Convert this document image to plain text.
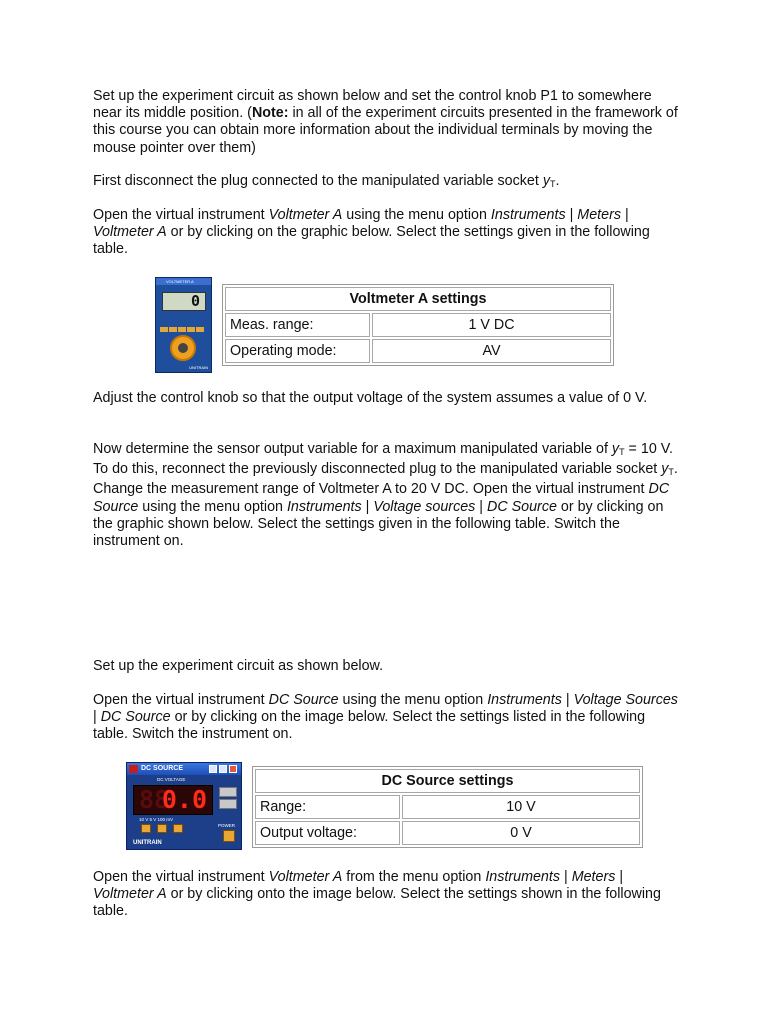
Set up the experiment circuit as shown below and set the control knob P1 to somewhere near its middle position. (Note: in all of the experiment circuits presented in the framework of this course you can obtain more information about the individual terminals by moving the mouse pointer over them)

First disconnect the plug connected to the manipulated variable socket $y_T$.

Open the virtual instrument Voltmeter A using the menu option Instruments | Meters | Voltmeter A or by clicking on the graphic below. Select the settings given in the following table.

VOLTMETER A
0
UNITRAIN
Voltmeter A settings	
Meas. range:	1 V DC
Operating mode:	AV

Adjust the control knob so that the output voltage of the system assumes a value of 0 V.

Now determine the sensor output variable for a maximum manipulated variable of $y_T = 10$ V. To do this, reconnect the previously disconnected plug to the manipulated variable socket $y_T$. Change the measurement range of Voltmeter A to 20 V DC. Open the virtual instrument DC Source using the menu option Instruments | Voltage sources | DC Source or by clicking on the graphic shown below. Select the settings given in the following table. Switch the instrument on.

Set up the experiment circuit as shown below.

Open the virtual instrument DC Source using the menu option Instruments | Voltage Sources | DC Source or by clicking on the image below. Select the settings listed in the following table. Switch the instrument on.

DC SOURCE
DC VOLTAGE
88
0.0
10 V 5 V 100 mV
POWER
UNITRAIN
DC Source settings	
Range:	10 V
Output voltage:	0 V

Open the virtual instrument Voltmeter A from the menu option Instruments | Meters | Voltmeter A or by clicking onto the image below. Select the settings shown in the following table.
